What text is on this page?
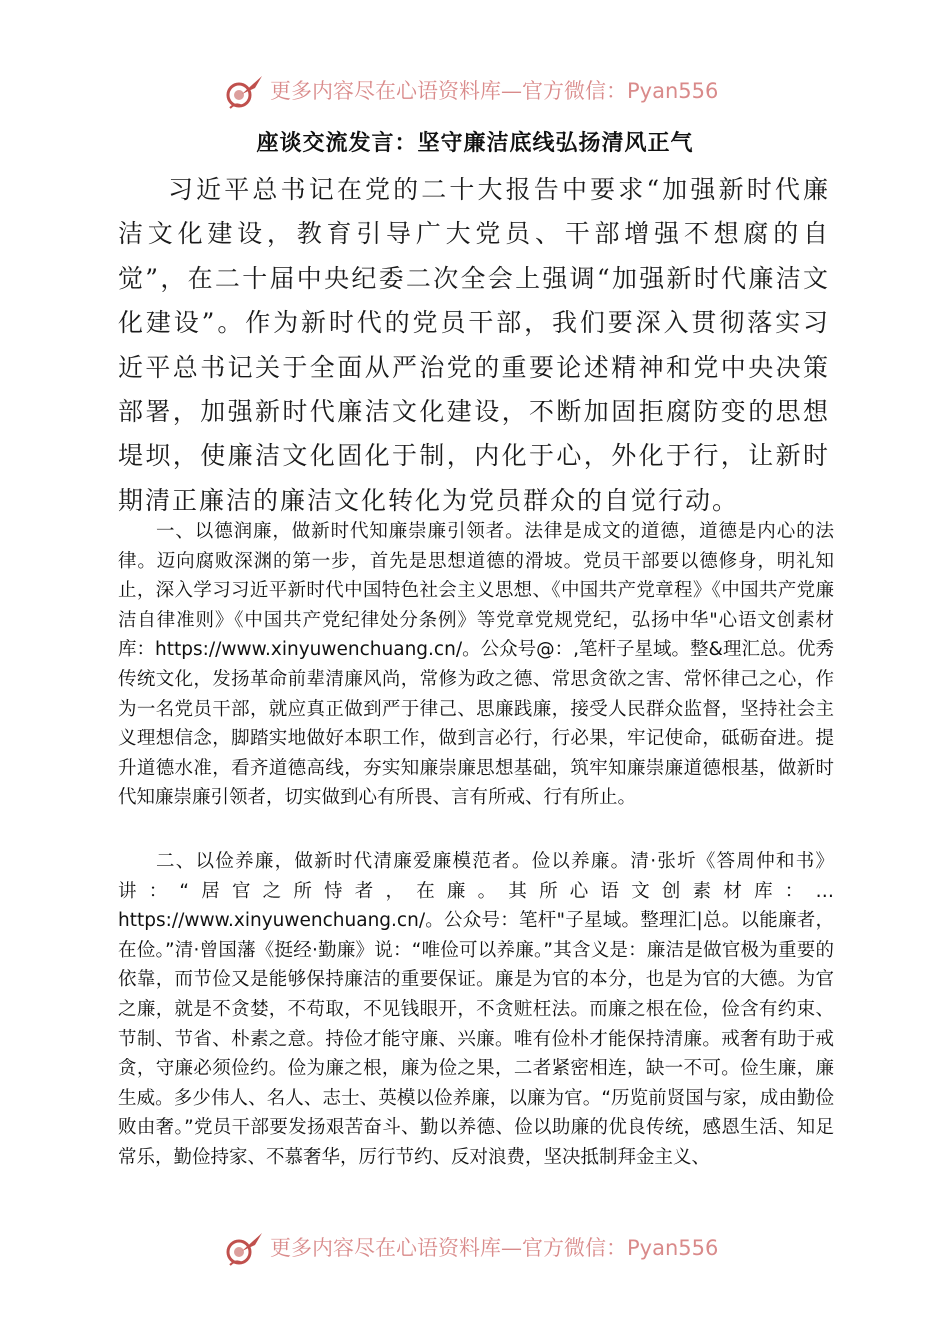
更多内容尽在心语资料库—官方微信：Pyan556
座谈交流发言：坚守廉洁底线弘扬清风正气

习近平总书记在党的二十大报告中要求“加强新时代廉洁文化建设，教育引导广大党员、干部增强不想腐的自觉”，在二十届中央纪委二次全会上强调“加强新时代廉洁文化建设”。作为新时代的党员干部，我们要深入贯彻落实习近平总书记关于全面从严治党的重要论述精神和党中央决策部署，加强新时代廉洁文化建设，不断加固拒腐防变的思想堤坝，使廉洁文化固化于制，内化于心，外化于行，让新时期清正廉洁的廉洁文化转化为党员群众的自觉行动。

一、以德润廉，做新时代知廉崇廉引领者。法律是成文的道德，道德是内心的法律。迈向腐败深渊的第一步，首先是思想道德的滑坡。党员干部要以德修身，明礼知止，深入学习习近平新时代中国特色社会主义思想、《中国共产党章程》《中国共产党廉洁自律准则》《中国共产党纪律处分条例》等党章党规党纪，弘扬中华"心语文创素材库：https://www.xinyuwenchuang.cn/。公众号@：,笔杆子星域。整&理汇总。优秀传统文化，发扬革命前辈清廉风尚，常修为政之德、常思贪欲之害、常怀律己之心，作为一名党员干部，就应真正做到严于律己、思廉践廉，接受人民群众监督，坚持社会主义理想信念，脚踏实地做好本职工作，做到言必行，行必果，牢记使命，砥砺奋进。提升道德水准，看齐道德高线，夯实知廉崇廉思想基础，筑牢知廉崇廉道德根基，做新时代知廉崇廉引领者，切实做到心有所畏、言有所戒、行有所止。

二、以俭养廉，做新时代清廉爱廉模范者。俭以养廉。清·张圻《答周仲和书》讲：“居官之所恃者，在廉。其所心语文创素材库：…https://www.xinyuwenchuang.cn/。公众号：笔杆"子星域。整理汇|总。以能廉者，在俭。”清·曾国藩《挺经·勤廉》说：“唯俭可以养廉。”其含义是：廉洁是做官极为重要的依靠，而节俭又是能够保持廉洁的重要保证。廉是为官的本分，也是为官的大德。为官之廉，就是不贪婪，不苟取，不见钱眼开，不贪赃枉法。而廉之根在俭，俭含有约束、节制、节省、朴素之意。持俭才能守廉、兴廉。唯有俭朴才能保持清廉。戒奢有助于戒贪，守廉必须俭约。俭为廉之根，廉为俭之果，二者紧密相连，缺一不可。俭生廉，廉生威。多少伟人、名人、志士、英模以俭养廉，以廉为官。“历览前贤国与家，成由勤俭败由奢。”党员干部要发扬艰苦奋斗、勤以养德、俭以助廉的优良传统，感恩生活、知足常乐，勤俭持家、不慕奢华，厉行节约、反对浪费，坚决抵制拜金主义、

更多内容尽在心语资料库—官方微信：Pyan556
